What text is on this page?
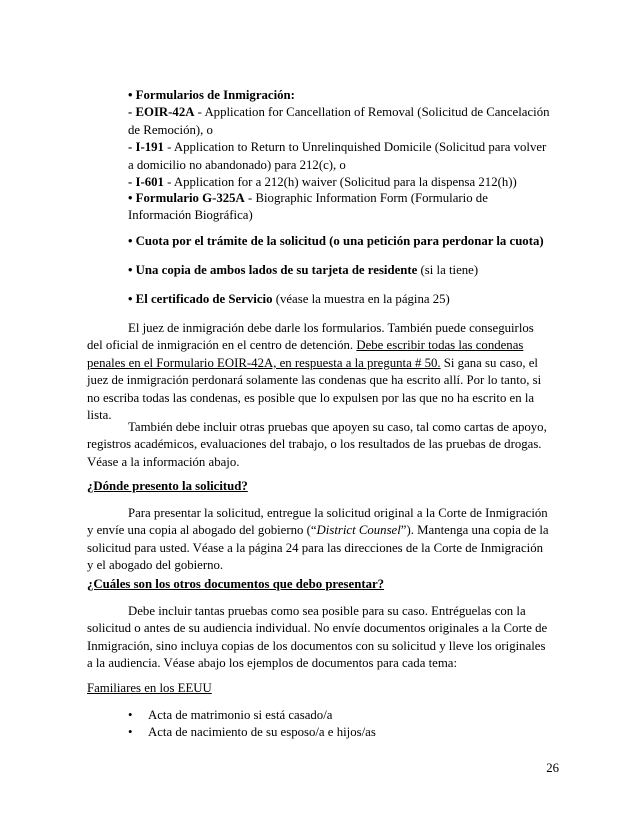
• Formularios de Inmigración:

- EOIR-42A - Application for Cancellation of Removal (Solicitud de Cancelación de Remoción), o

- I-191 - Application to Return to Unrelinquished Domicile (Solicitud para volver a domicilio no abandonado) para 212(c), o

- I-601 - Application for a 212(h) waiver (Solicitud para la dispensa 212(h))

• Formulario G-325A - Biographic Information Form (Formulario de Información Biográfica)

• Cuota por el trámite de la solicitud (o una petición para perdonar la cuota)

• Una copia de ambos lados de su tarjeta de residente (si la tiene)

• El certificado de Servicio (véase la muestra en la página 25)

El juez de inmigración debe darle los formularios. También puede conseguirlos del oficial de inmigración en el centro de detención. Debe escribir todas las condenas penales en el Formulario EOIR-42A, en respuesta a la pregunta # 50. Si gana su caso, el juez de inmigración perdonará solamente las condenas que ha escrito allí. Por lo tanto, si no escriba todas las condenas, es posible que lo expulsen por las que no ha escrito en la lista.

También debe incluir otras pruebas que apoyen su caso, tal como cartas de apoyo, registros académicos, evaluaciones del trabajo, o los resultados de las pruebas de drogas. Véase a la información abajo.

¿Dónde presento la solicitud?

Para presentar la solicitud, entregue la solicitud original a la Corte de Inmigración y envíe una copia al abogado del gobierno (“District Counsel”). Mantenga una copia de la solicitud para usted. Véase a la página 24 para las direcciones de la Corte de Inmigración y el abogado del gobierno.

¿Cuáles son los otros documentos que debo presentar?

Debe incluir tantas pruebas como sea posible para su caso. Entréguelas con la solicitud o antes de su audiencia individual. No envíe documentos originales a la Corte de Inmigración, sino incluya copias de los documentos con su solicitud y lleve los originales a la audiencia. Véase abajo los ejemplos de documentos para cada tema:

Familiares en los EEUU

• Acta de matrimonio si está casado/a
• Acta de nacimiento de su esposo/a e hijos/as
26
